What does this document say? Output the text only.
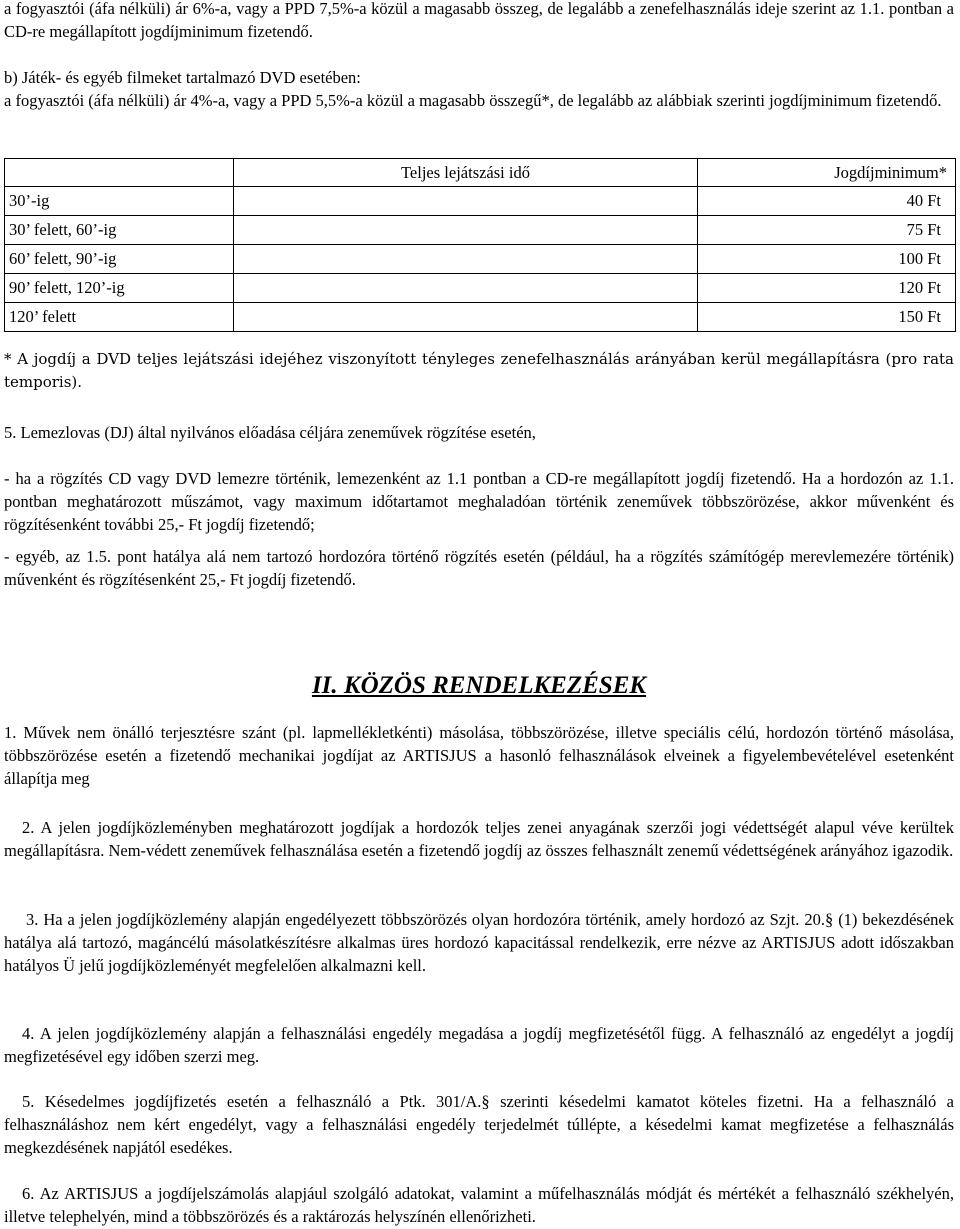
a fogyasztói (áfa nélküli) ár 6%-a, vagy a PPD 7,5%-a közül a magasabb összeg, de legalább a zenefelhasználás ideje szerint az 1.1. pontban a CD-re megállapított jogdíjminimum fizetendő.

b) Játék- és egyéb filmeket tartalmazó DVD esetében:

a fogyasztói (áfa nélküli) ár 4%-a, vagy a PPD 5,5%-a közül a magasabb összegű*, de legalább az alábbiak szerinti jogdíjminimum fizetendő.

	Teljes lejátszási idő	Jogdíjminimum*
30’-ig		40 Ft
30’ felett, 60’-ig		75 Ft
60’ felett, 90’-ig		100 Ft
90’ felett, 120’-ig		120 Ft
120’ felett		150 Ft

* A jogdíj a DVD teljes lejátszási idejéhez viszonyított tényleges zenefelhasználás arányában kerül megállapításra (pro rata temporis).

5. Lemezlovas (DJ) által nyilvános előadása céljára zeneművek rögzítése esetén,

- ha a rögzítés CD vagy DVD lemezre történik, lemezenként az 1.1 pontban a CD-re megállapított jogdíj fizetendő. Ha a hordozón az 1.1. pontban meghatározott műszámot, vagy maximum időtartamot meghaladóan történik zeneművek többszörözése, akkor művenként és rögzítésenként további 25,- Ft jogdíj fizetendő;

- egyéb, az 1.5. pont hatálya alá nem tartozó hordozóra történő rögzítés esetén (például, ha a rögzítés számítógép merevlemezére történik) művenként és rögzítésenként 25,- Ft jogdíj fizetendő.

II. KÖZÖS RENDELKEZÉSEK

1. Művek nem önálló terjesztésre szánt (pl. lapmellékletkénti) másolása, többszörözése, illetve speciális célú, hordozón történő másolása, többszörözése esetén a fizetendő mechanikai jogdíjat az ARTISJUS a hasonló felhasználások elveinek a figyelembevételével esetenként állapítja meg

2. A jelen jogdíjközleményben meghatározott jogdíjak a hordozók teljes zenei anyagának szerzői jogi védettségét alapul véve kerültek megállapításra. Nem-védett zeneművek felhasználása esetén a fizetendő jogdíj az összes felhasznált zenemű védettségének arányához igazodik.

3. Ha a jelen jogdíjközlemény alapján engedélyezett többszörözés olyan hordozóra történik, amely hordozó az Szjt. 20.§ (1) bekezdésének hatálya alá tartozó, magáncélú másolatkészítésre alkalmas üres hordozó kapacitással rendelkezik, erre nézve az ARTISJUS adott időszakban hatályos Ü jelű jogdíjközleményét megfelelően alkalmazni kell.

4. A jelen jogdíjközlemény alapján a felhasználási engedély megadása a jogdíj megfizetésétől függ. A felhasználó az engedélyt a jogdíj megfizetésével egy időben szerzi meg.

5. Késedelmes jogdíjfizetés esetén a felhasználó a Ptk. 301/A.§ szerinti késedelmi kamatot köteles fizetni. Ha a felhasználó a felhasználáshoz nem kért engedélyt, vagy a felhasználási engedély terjedelmét túllépte, a késedelmi kamat megfizetése a felhasználás megkezdésének napjától esedékes.

6. Az ARTISJUS a jogdíjelszámolás alapjául szolgáló adatokat, valamint a műfelhasználás módját és mértékét a felhasználó székhelyén, illetve telephelyén, mind a többszörözés és a raktározás helyszínén ellenőrizheti.
